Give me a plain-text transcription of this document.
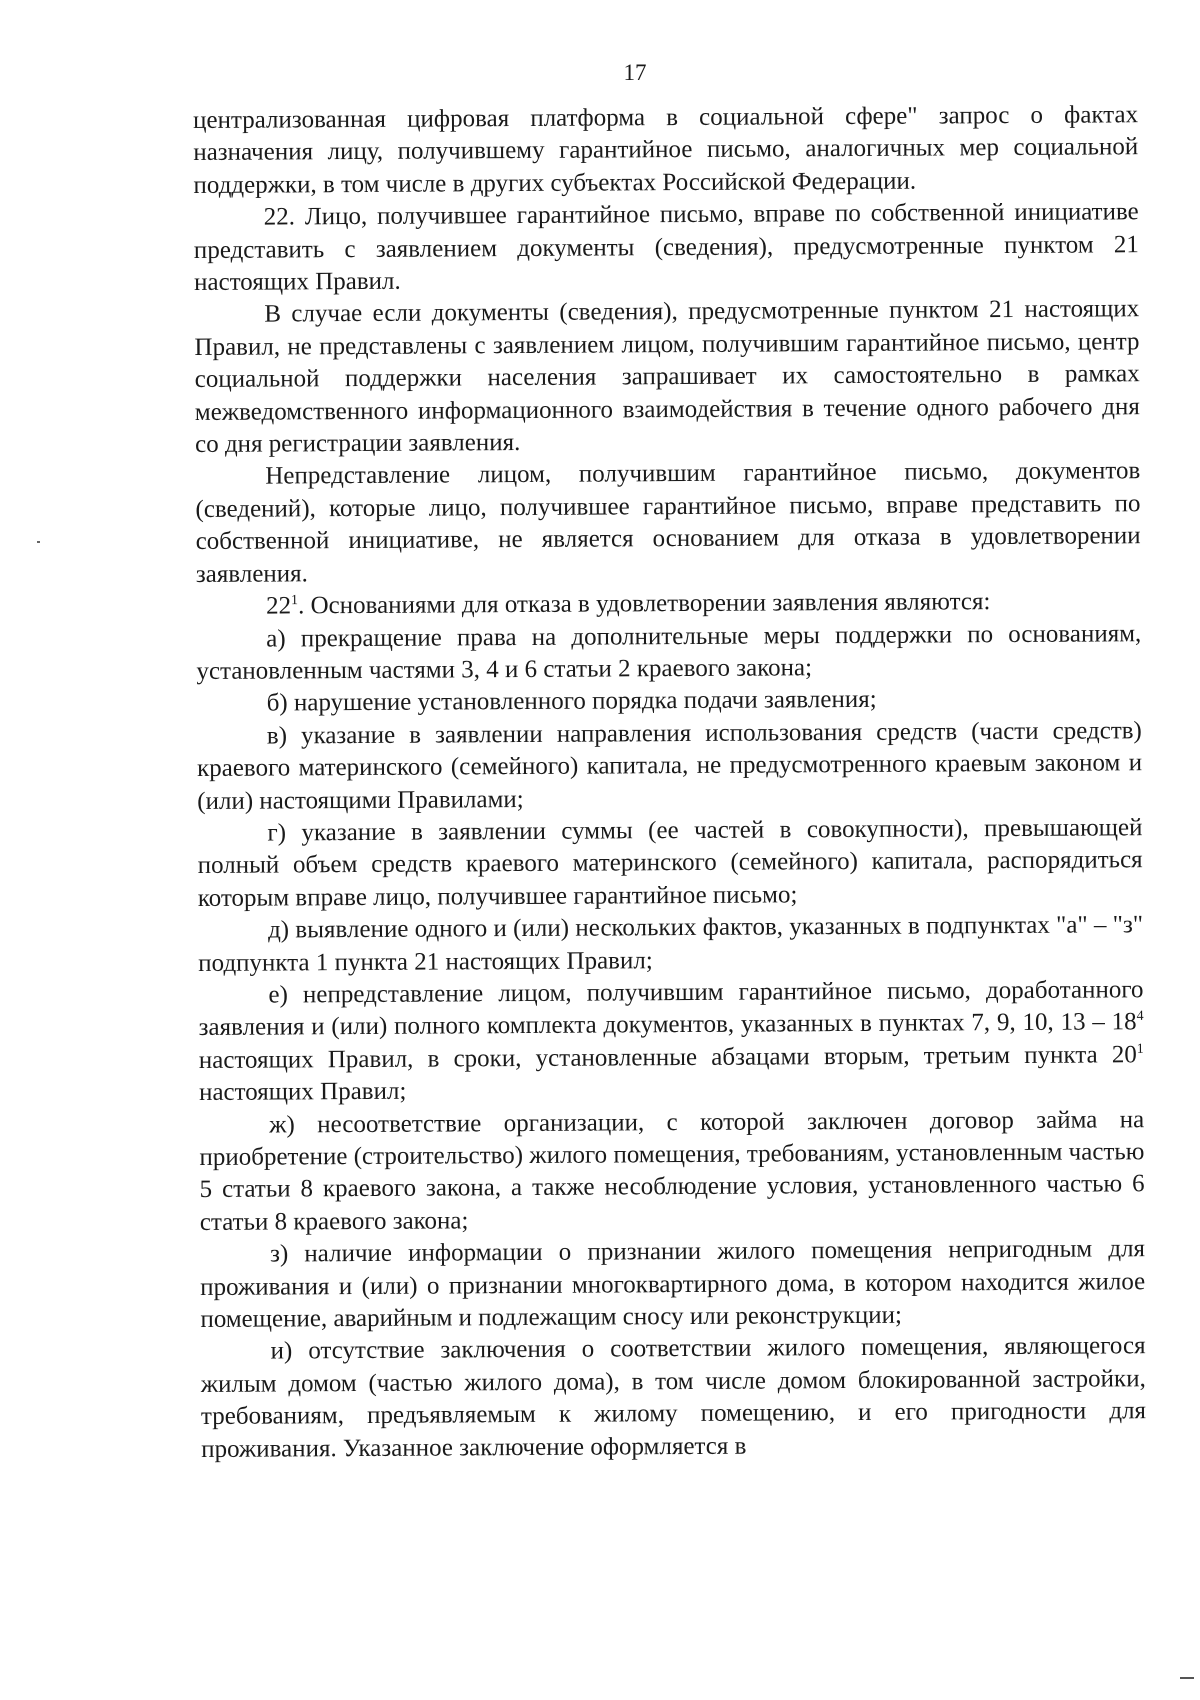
17

централизованная цифровая платформа в социальной сфере" запрос о фактах назначения лицу, получившему гарантийное письмо, аналогичных мер социальной поддержки, в том числе в других субъектах Российской Федерации.

22. Лицо, получившее гарантийное письмо, вправе по собственной инициативе представить с заявлением документы (сведения), предусмотренные пунктом 21 настоящих Правил.

В случае если документы (сведения), предусмотренные пунктом 21 настоящих Правил, не представлены с заявлением лицом, получившим гарантийное письмо, центр социальной поддержки населения запрашивает их самостоятельно в рамках межведомственного информационного взаимодействия в течение одного рабочего дня со дня регистрации заявления.

Непредставление лицом, получившим гарантийное письмо, документов (сведений), которые лицо, получившее гарантийное письмо, вправе представить по собственной инициативе, не является основанием для отказа в удовлетворении заявления.

$22^1$. Основаниями для отказа в удовлетворении заявления являются:

а) прекращение права на дополнительные меры поддержки по основаниям, установленным частями 3, 4 и 6 статьи 2 краевого закона;

б) нарушение установленного порядка подачи заявления;

в) указание в заявлении направления использования средств (части средств) краевого материнского (семейного) капитала, не предусмотренного краевым законом и (или) настоящими Правилами;

г) указание в заявлении суммы (ее частей в совокупности), превышающей полный объем средств краевого материнского (семейного) капитала, распорядиться которым вправе лицо, получившее гарантийное письмо;

д) выявление одного и (или) нескольких фактов, указанных в подпунктах "а" – "з" подпункта 1 пункта 21 настоящих Правил;

е) непредставление лицом, получившим гарантийное письмо, доработанного заявления и (или) полного комплекта документов, указанных в пунктах 7, 9, 10, $13 - 18^4$ настоящих Правил, в сроки, установленные абзацами вторым, третьим пункта $20^1$ настоящих Правил;

ж) несоответствие организации, с которой заключен договор займа на приобретение (строительство) жилого помещения, требованиям, установленным частью 5 статьи 8 краевого закона, а также несоблюдение условия, установленного частью 6 статьи 8 краевого закона;

з) наличие информации о признании жилого помещения непригодным для проживания и (или) о признании многоквартирного дома, в котором находится жилое помещение, аварийным и подлежащим сносу или реконструкции;

и) отсутствие заключения о соответствии жилого помещения, являющегося жилым домом (частью жилого дома), в том числе домом блокированной застройки, требованиям, предъявляемым к жилому помещению, и его пригодности для проживания. Указанное заключение оформляется в
